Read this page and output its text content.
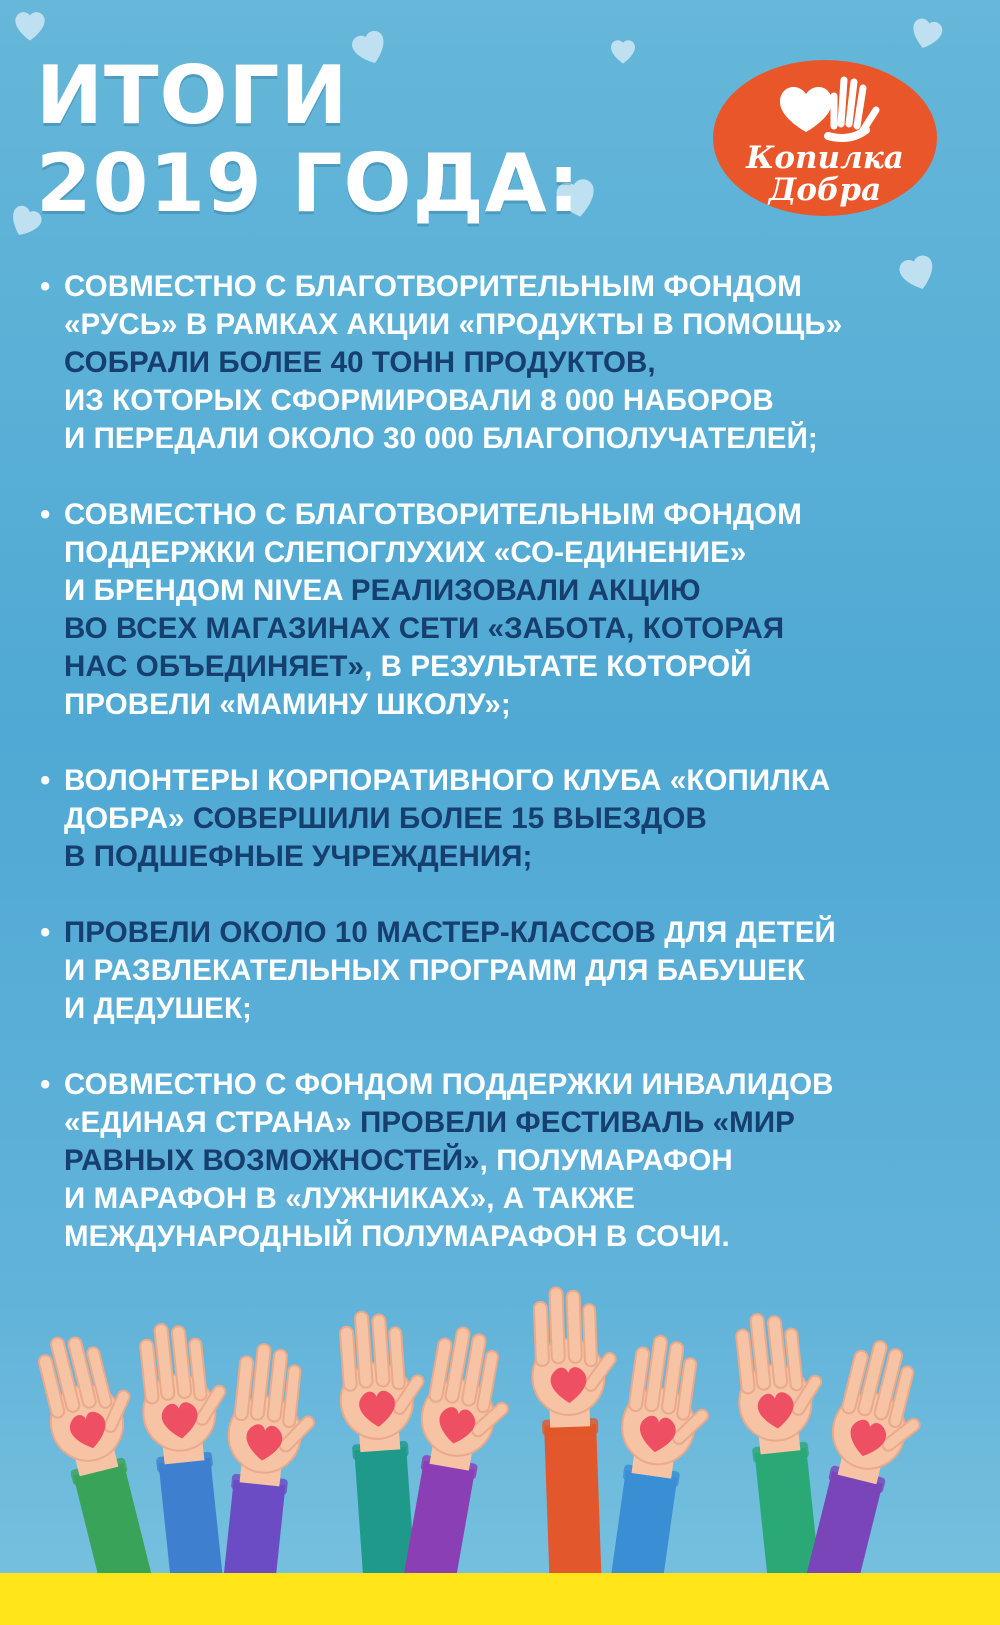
ИТОГИ
2019 ГОДА:	Копилка
Добра

• СОВМЕСТНО С БЛАГОТВОРИТЕЛЬНЫМ ФОНДОМ
«РУСЬ» В РАМКАХ АКЦИИ «ПРОДУКТЫ В ПОМОЩЬ»
СОБРАЛИ БОЛЕЕ 40 ТОНН ПРОДУКТОВ,
ИЗ КОТОРЫХ СФОРМИРОВАЛИ 8 000 НАБОРОВ
И ПЕРЕДАЛИ ОКОЛО 30 000 БЛАГОПОЛУЧАТЕЛЕЙ;

• СОВМЕСТНО С БЛАГОТВОРИТЕЛЬНЫМ ФОНДОМ
ПОДДЕРЖКИ СЛЕПОГЛУХИХ «СО-ЕДИНЕНИЕ»
И БРЕНДОМ NIVEA РЕАЛИЗОВАЛИ АКЦИЮ
ВО ВСЕХ МАГАЗИНАХ СЕТИ «ЗАБОТА, КОТОРАЯ
НАС ОБЪЕДИНЯЕТ», В РЕЗУЛЬТАТЕ КОТОРОЙ
ПРОВЕЛИ «МАМИНУ ШКОЛУ»;

• ВОЛОНТЕРЫ КОРПОРАТИВНОГО КЛУБА «КОПИЛКА
ДОБРА» СОВЕРШИЛИ БОЛЕЕ 15 ВЫЕЗДОВ
В ПОДШЕФНЫЕ УЧРЕЖДЕНИЯ;

• ПРОВЕЛИ ОКОЛО 10 МАСТЕР-КЛАССОВ ДЛЯ ДЕТЕЙ
И РАЗВЛЕКАТЕЛЬНЫХ ПРОГРАММ ДЛЯ БАБУШЕК
И ДЕДУШЕК;

• СОВМЕСТНО С ФОНДОМ ПОДДЕРЖКИ ИНВАЛИДОВ
«ЕДИНАЯ СТРАНА» ПРОВЕЛИ ФЕСТИВАЛЬ «МИР
РАВНЫХ ВОЗМОЖНОСТЕЙ», ПОЛУМАРАФОН
И МАРАФОН В «ЛУЖНИКАХ», А ТАКЖЕ
МЕЖДУНАРОДНЫЙ ПОЛУМАРАФОН В СОЧИ.
